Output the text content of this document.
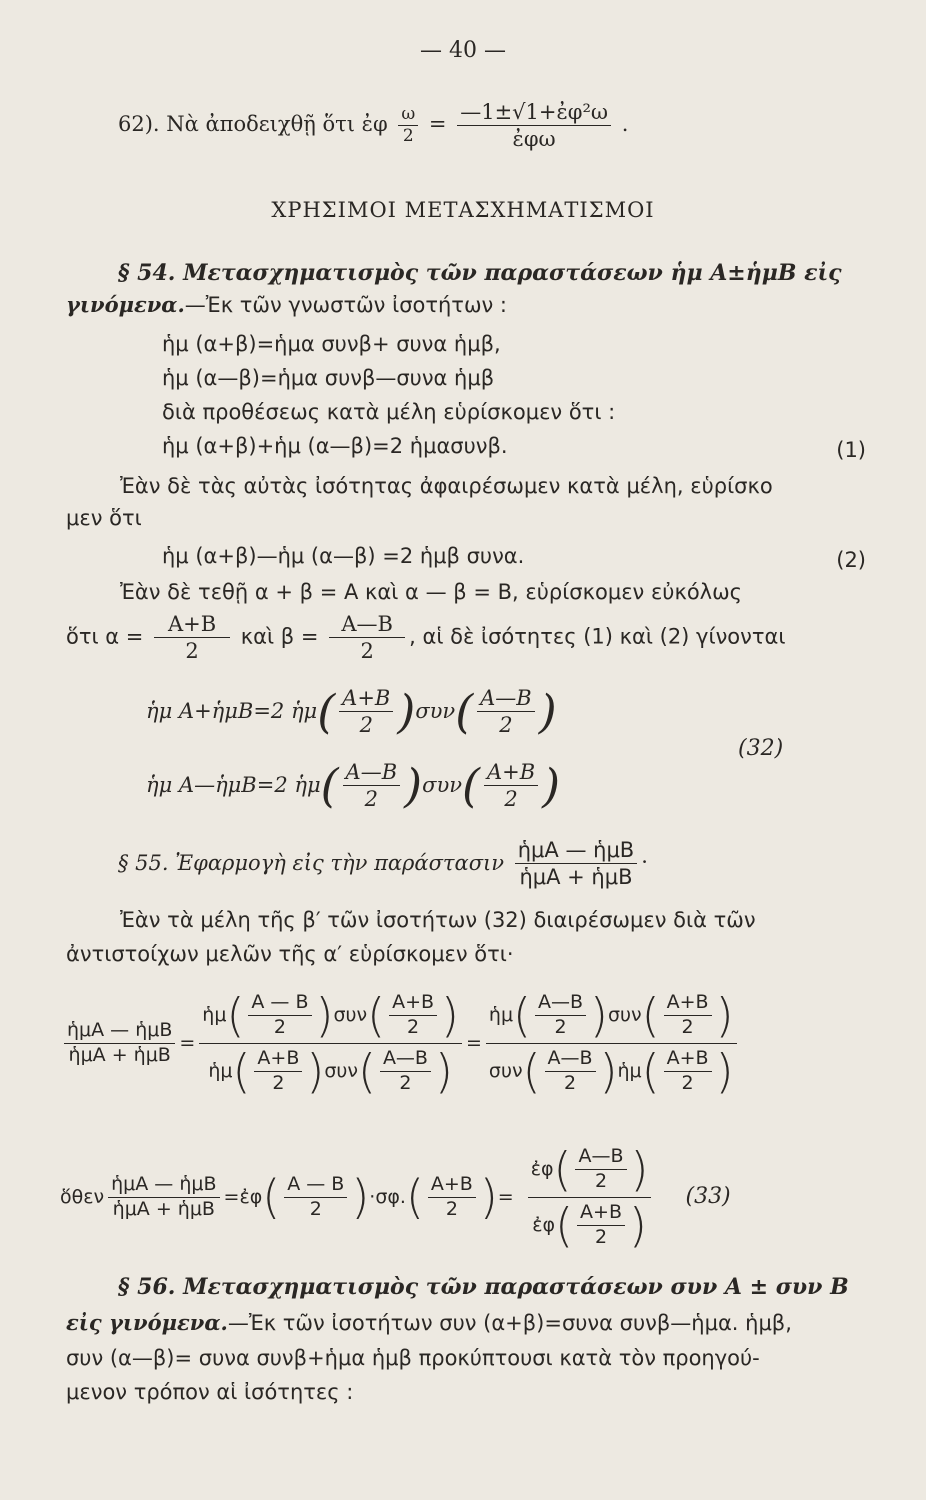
— 40 —
62). Νὰ ἀποδειχθῇ ὅτι ἐφ $\frac{\omega}{2} = \frac{\text{—1±√1+ἐφ²ω}}{\text{ἐφω}}$ .
ΧΡΗΣΙΜΟΙ ΜΕΤΑΣΧΗΜΑΤΙΣΜΟΙ
§ 54. Μετασχηματισμὸς τῶν παραστάσεων ἡμ A±ἡμB εἰς
γινόμενα.—Ἐκ τῶν γνωστῶν ἰσοτήτων :
ἡμ (α+β)=ἡμα συνβ+ συνα ἡμβ,
ἡμ (α—β)=ἡμα συνβ—συνα ἡμβ
διὰ προθέσεως κατὰ μέλη εὑρίσκομεν ὅτι :
ἡμ (α+β)+ἡμ (α—β)=2 ἡμασυνβ.	(1)
Ἐὰν δὲ τὰς αὐτὰς ἰσότητας ἀφαιρέσωμεν κατὰ μέλη, εὑρίσκο
μεν ὅτι
ἡμ (α+β)—ἡμ (α—β) =2 ἡμβ συνα.	(2)
Ἐὰν δὲ τεθῇ α + β = A καὶ α — β = B, εὑρίσκομεν εὐκόλως
ὅτι $\alpha = \frac{A+B}{2}$ καὶ $\beta = \frac{A—B}{2}$ , αἱ δὲ ἰσότητες (1) καὶ (2) γίνονται
ἡμ A+ἡμB=2 ἡμ( $\frac{A+B}{2} )\sigma\upsilon\nu( \frac{A—B}{2}$ )
ἡμ A—ἡμB=2 ἡμ( $\frac{A—B}{2} )\sigma\upsilon\nu( \frac{A+B}{2}$ )
(32)
§ 55. Ἐφαρμογὴ εἰς τὴν παράστασιν $\frac{\text{ἡμA — ἡμB}}{\text{ἡμA + ἡμB}}$ ·
Ἐὰν τὰ μέλη τῆς β′ τῶν ἰσοτήτων (32) διαιρέσωμεν διὰ τῶν
ἀντιστοίχων μελῶν τῆς α′ εὑρίσκομεν ὅτι·
$\frac{\text{ἡμA — ἡμB}}{\text{ἡμA + ἡμB}} = \frac{ἡ\mu( \frac{A — B}{2} )\sigma\upsilon\nu( \frac{A+B}{2} )}{ἡ\mu( \frac{A+B}{2} )\sigma\upsilon\nu( \frac{A—B}{2} )} = \frac{ἡ\mu( \frac{A—B}{2} )\sigma\upsilon\nu( \frac{A+B}{2} )}{\sigma\upsilon\nu( \frac{A—B}{2} )ἡ\mu( \frac{A+B}{2} )}$
ὅθεν $\frac{\text{ἡμA — ἡμB}}{\text{ἡμA + ἡμB}}$ = ἐφ ( $\frac{A — B}{2}$ ) ·σφ. ( $\frac{A+B}{2}$ ) = $\frac{ἐ\varphi( \frac{A—B}{2} )}{ἐ\varphi( \frac{A+B}{2} )} (33)$
§ 56. Μετασχηματισμὸς τῶν παραστάσεων συν A ± συν B
εἰς γινόμενα.—Ἐκ τῶν ἰσοτήτων συν (α+β)=συνα συνβ—ἡμα. ἡμβ,
συν (α—β)= συνα συνβ+ἡμα ἡμβ προκύπτουσι κατὰ τὸν προηγού-
μενον τρόπον αἱ ἰσότητες :
